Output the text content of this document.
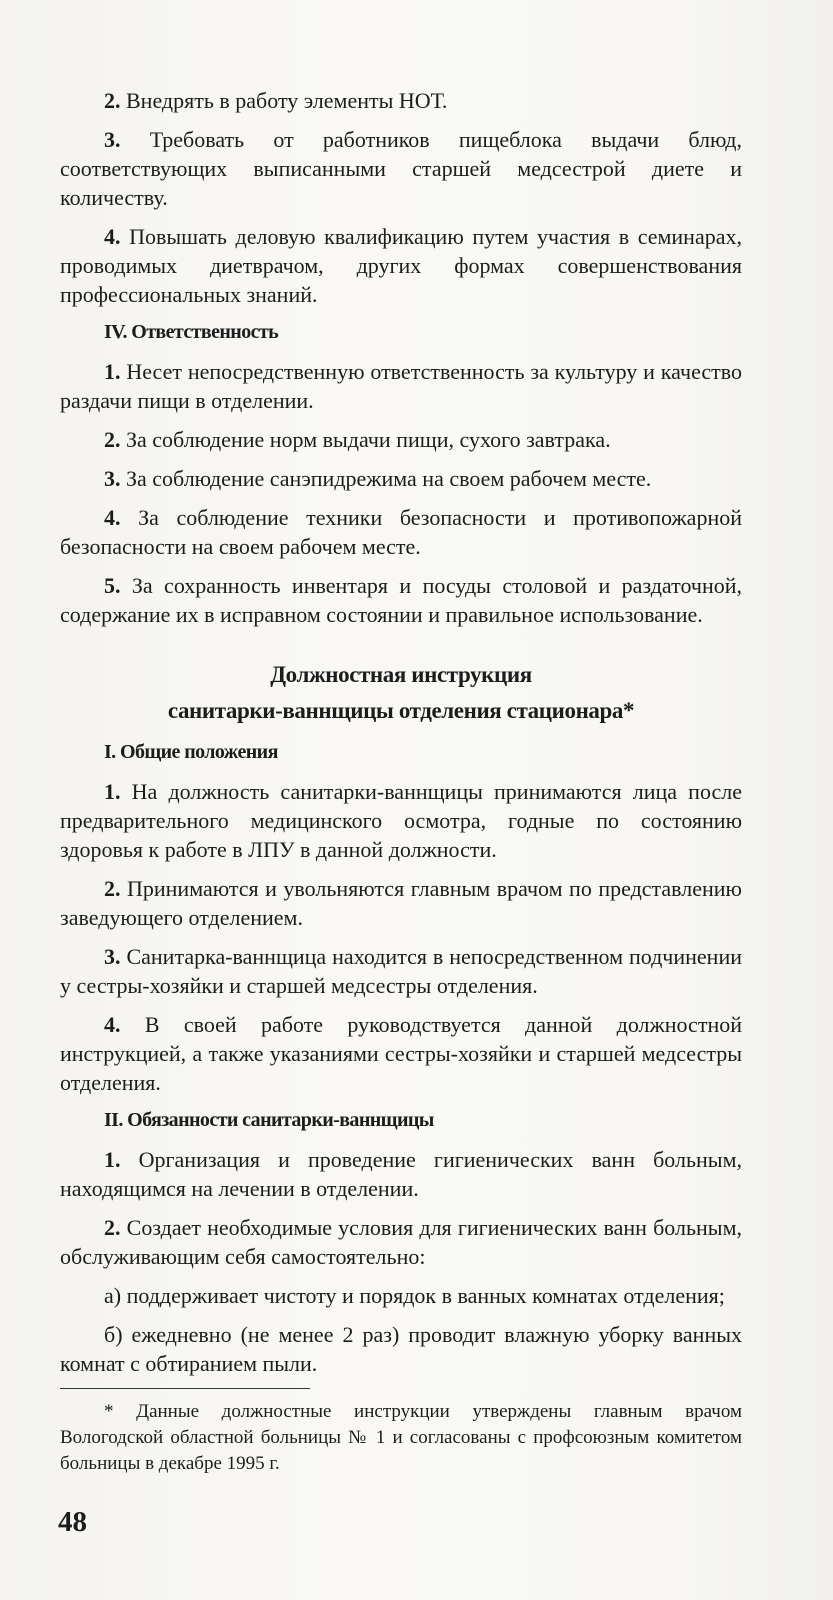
2. Внедрять в работу элементы НОТ.

3. Требовать от работников пищеблока выдачи блюд, соответствующих выписанными старшей медсестрой диете и количеству.

4. Повышать деловую квалификацию путем участия в семинарах, проводимых диетврачом, других формах совершенствования профессиональных знаний.

IV. Ответственность

1. Несет непосредственную ответственность за культуру и качество раздачи пищи в отделении.

2. За соблюдение норм выдачи пищи, сухого завтрака.

3. За соблюдение санэпидрежима на своем рабочем месте.

4. За соблюдение техники безопасности и противопожарной безопасности на своем рабочем месте.

5. За сохранность инвентаря и посуды столовой и раздаточной, содержание их в исправном состоянии и правильное использование.

Должностная инструкция
санитарки-ваннщицы отделения стационара*
I. Общие положения

1. На должность санитарки-ваннщицы принимаются лица после предварительного медицинского осмотра, годные по состоянию здоровья к работе в ЛПУ в данной должности.

2. Принимаются и увольняются главным врачом по представлению заведующего отделением.

3. Санитарка-ваннщица находится в непосредственном подчинении у сестры-хозяйки и старшей медсестры отделения.

4. В своей работе руководствуется данной должностной инструкцией, а также указаниями сестры-хозяйки и старшей медсестры отделения.

II. Обязанности санитарки-ваннщицы

1. Организация и проведение гигиенических ванн больным, находящимся на лечении в отделении.

2. Создает необходимые условия для гигиенических ванн больным, обслуживающим себя самостоятельно:

а) поддерживает чистоту и порядок в ванных комнатах отделения;

б) ежедневно (не менее 2 раз) проводит влажную уборку ванных комнат с обтиранием пыли.

* Данные должностные инструкции утверждены главным врачом Вологодской областной больницы № 1 и согласованы с профсоюзным комитетом больницы в декабре 1995 г.

48
